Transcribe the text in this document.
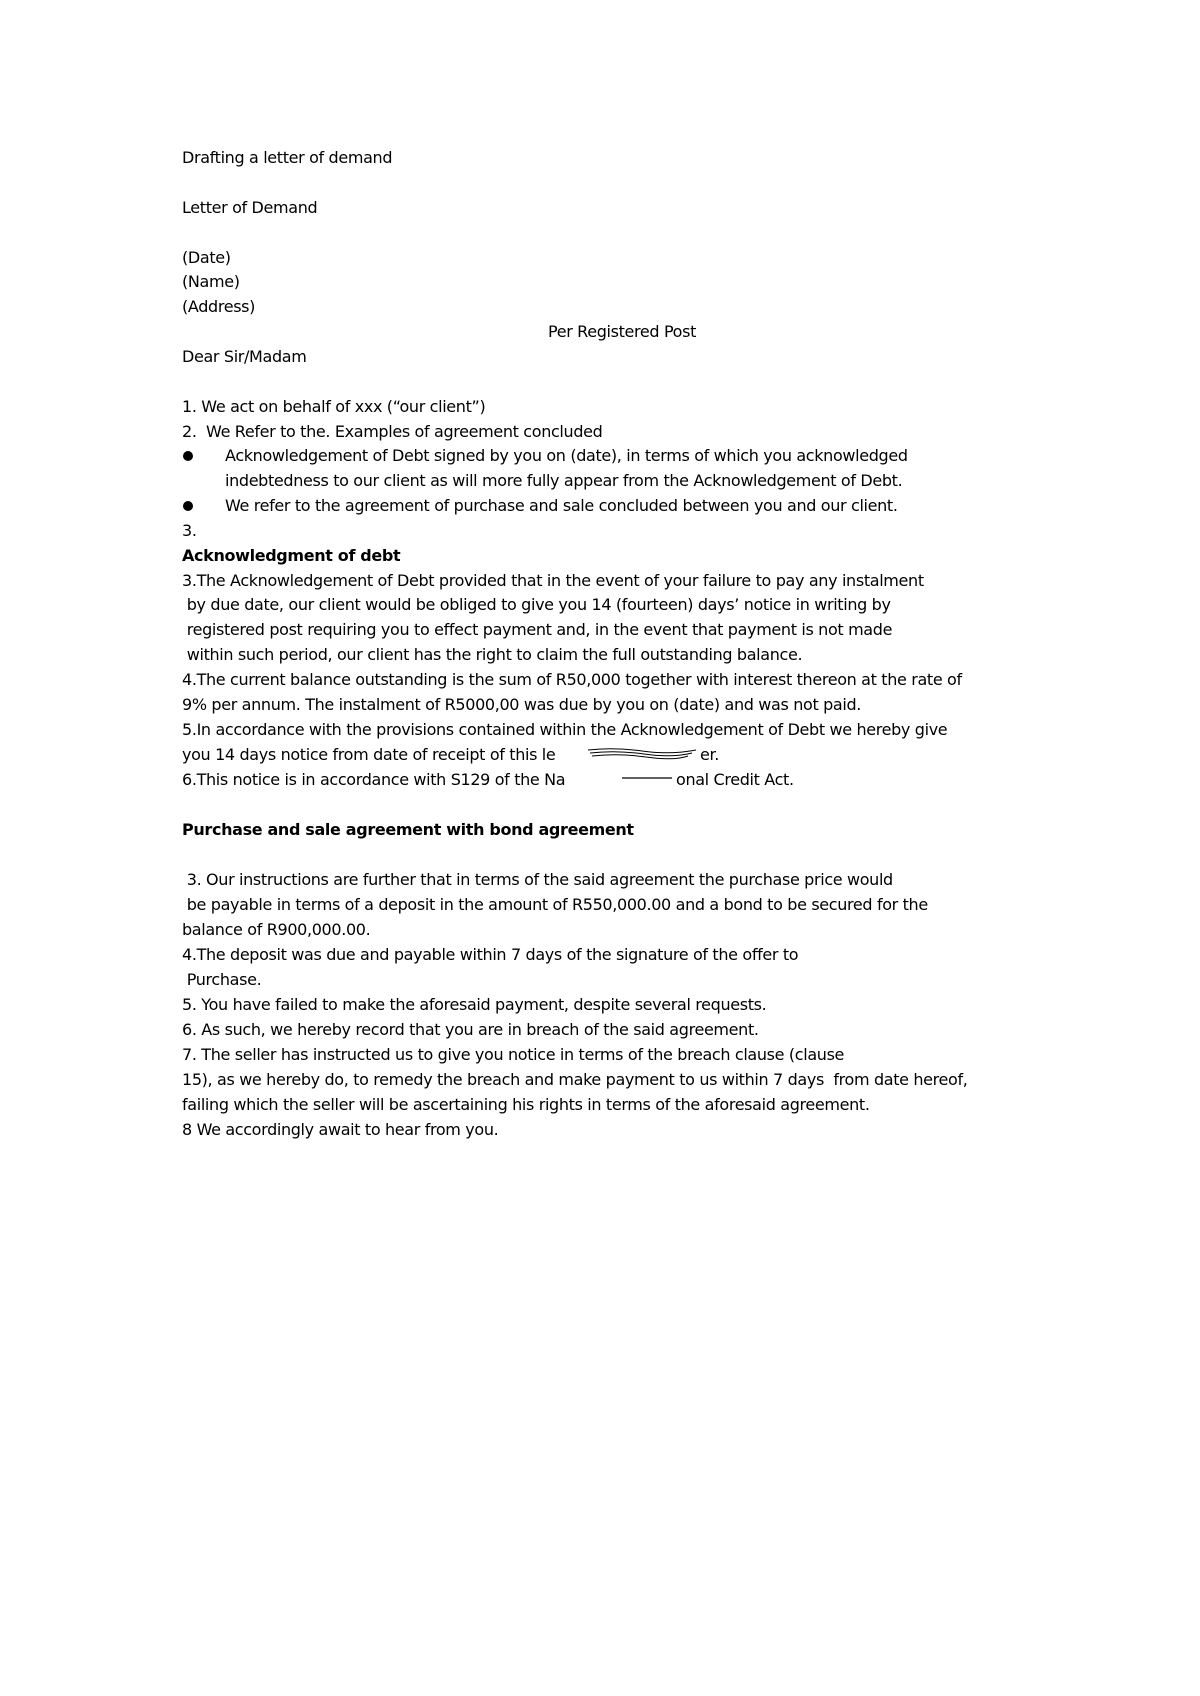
Drafting a letter of demand
Letter of Demand
(Date)
(Name)
(Address)
Per Registered Post
Dear Sir/Madam
1. We act on behalf of xxx (“our client”)
2.  We Refer to the. Examples of agreement concluded
Acknowledgement of Debt signed by you on (date), in terms of which you acknowledged
indebtedness to our client as will more fully appear from the Acknowledgement of Debt.
We refer to the agreement of purchase and sale concluded between you and our client.
3.
Acknowledgment of debt
3.The Acknowledgement of Debt provided that in the event of your failure to pay any instalment
by due date, our client would be obliged to give you 14 (fourteen) days’ notice in writing by
registered post requiring you to effect payment and, in the event that payment is not made
within such period, our client has the right to claim the full outstanding balance.
4.The current balance outstanding is the sum of R50,000 together with interest thereon at the rate of
9% per annum. The instalment of R5000,00 was due by you on (date) and was not paid.
5.In accordance with the provisions contained within the Acknowledgement of Debt we hereby give
you 14 days notice from date of receipt of this le	er.
6.This notice is in accordance with S129 of the Na	onal Credit Act.
Purchase and sale agreement with bond agreement
3. Our instructions are further that in terms of the said agreement the purchase price would
be payable in terms of a deposit in the amount of R550,000.00 and a bond to be secured for the
balance of R900,000.00.
4.The deposit was due and payable within 7 days of the signature of the offer to
Purchase.
5. You have failed to make the aforesaid payment, despite several requests.
6. As such, we hereby record that you are in breach of the said agreement.
7. The seller has instructed us to give you notice in terms of the breach clause (clause
15), as we hereby do, to remedy the breach and make payment to us within 7 days  from date hereof,
failing which the seller will be ascertaining his rights in terms of the aforesaid agreement.
8 We accordingly await to hear from you.
